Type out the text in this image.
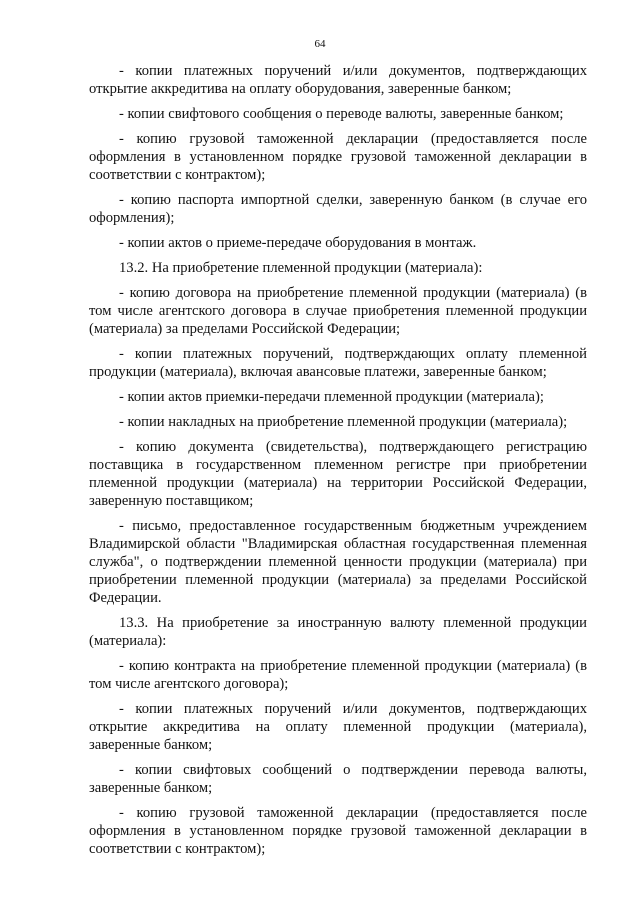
64

- копии платежных поручений и/или документов, подтверждающих открытие аккредитива на оплату оборудования, заверенные банком;

- копии свифтового сообщения о переводе валюты, заверенные банком;

- копию грузовой таможенной декларации (предоставляется после оформления в установленном порядке грузовой таможенной декларации в соответствии с контрактом);

- копию паспорта импортной сделки, заверенную банком (в случае его оформления);

- копии актов о приеме-передаче оборудования в монтаж.

13.2. На приобретение племенной продукции (материала):

- копию договора на приобретение племенной продукции (материала) (в том числе агентского договора в случае приобретения племенной продукции (материала) за пределами Российской Федерации;

- копии платежных поручений, подтверждающих оплату племенной продукции (материала), включая авансовые платежи, заверенные банком;

- копии актов приемки-передачи племенной продукции (материала);

- копии накладных на приобретение племенной продукции (материала);

- копию документа (свидетельства), подтверждающего регистрацию поставщика в государственном племенном регистре при приобретении племенной продукции (материала) на территории Российской Федерации, заверенную поставщиком;

- письмо, предоставленное государственным бюджетным учреждением Владимирской области "Владимирская областная государственная племенная служба", о подтверждении племенной ценности продукции (материала) при приобретении племенной продукции (материала) за пределами Российской Федерации.

13.3. На приобретение за иностранную валюту племенной продукции (материала):

- копию контракта на приобретение племенной продукции (материала) (в том числе агентского договора);

- копии платежных поручений и/или документов, подтверждающих открытие аккредитива на оплату племенной продукции (материала), заверенные банком;

- копии свифтовых сообщений о подтверждении перевода валюты, заверенные банком;

- копию грузовой таможенной декларации (предоставляется после оформления в установленном порядке грузовой таможенной декларации в соответствии с контрактом);
